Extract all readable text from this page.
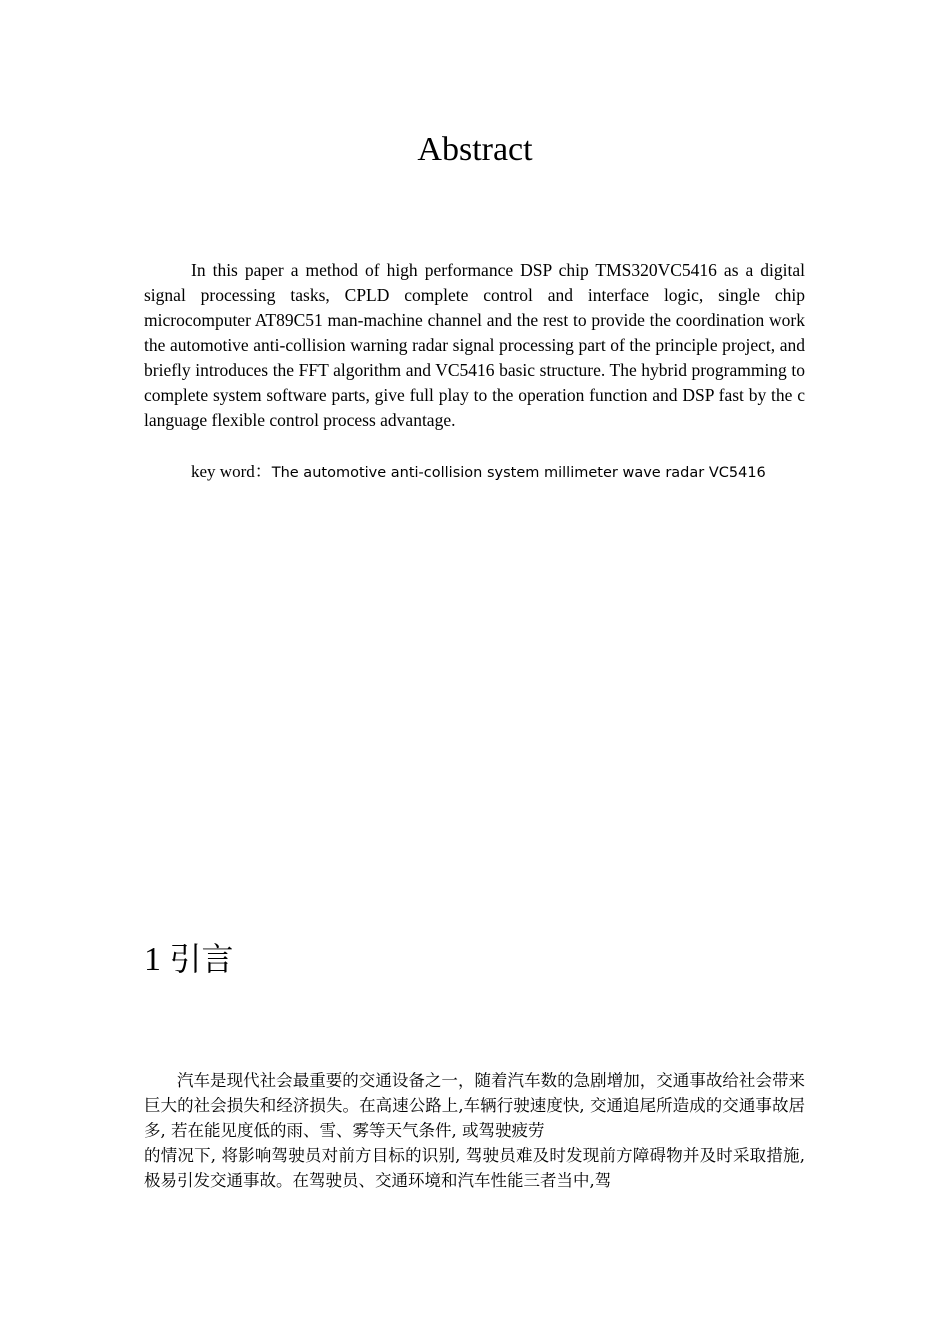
Abstract

In this paper a method of high performance DSP chip TMS320VC5416 as a digital signal processing tasks, CPLD complete control and interface logic, single chip microcomputer AT89C51 man-machine channel and the rest to provide the coordination work the automotive anti-collision warning radar signal processing part of the principle project, and briefly introduces the FFT algorithm and VC5416 basic structure. The hybrid programming to complete system software parts, give full play to the operation function and DSP fast by the c language flexible control process advantage.

key word：The automotive anti-collision system millimeter wave radar VC5416

1 引言

汽车是现代社会最重要的交通设备之一，随着汽车数的急剧增加，交通事故给社会带来巨大的社会损失和经济损失。在高速公路上,车辆行驶速度快, 交通追尾所造成的交通事故居多, 若在能见度低的雨、雪、雾等天气条件, 或驾驶疲劳

的情况下, 将影响驾驶员对前方目标的识别, 驾驶员难及时发现前方障碍物并及时采取措施, 极易引发交通事故。在驾驶员、交通环境和汽车性能三者当中,驾
